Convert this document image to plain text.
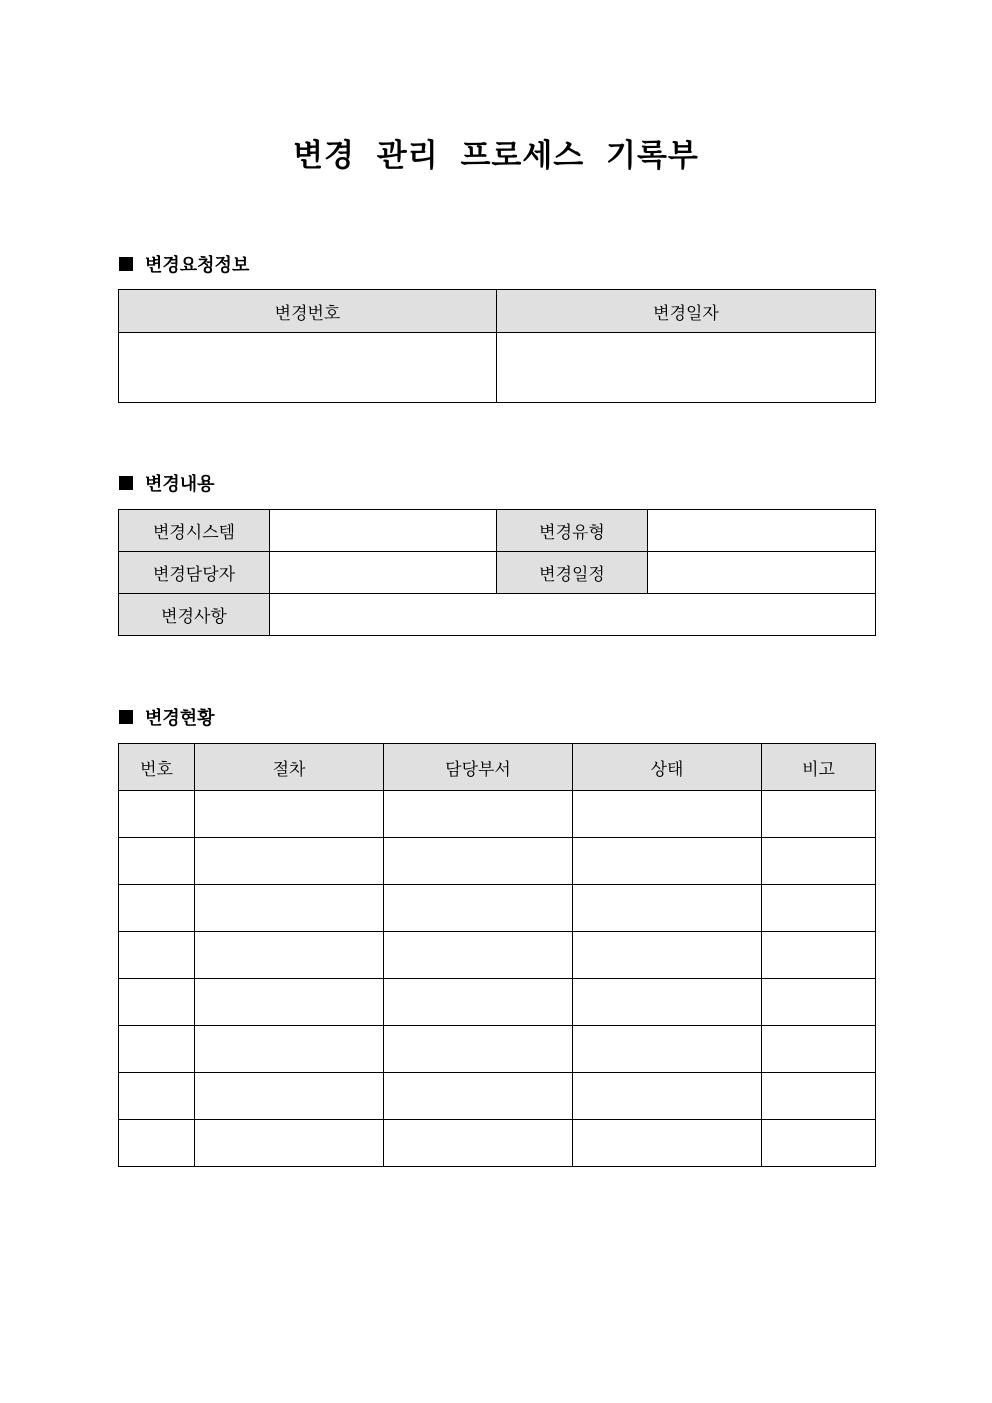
변경 관리 프로세스 기록부
변경요청정보
변경번호	변경일자

변경내용
변경시스템		변경유형	
변경담당자		변경일정	
변경사항			
변경현황
번호	절차	담당부서	상태	비고
